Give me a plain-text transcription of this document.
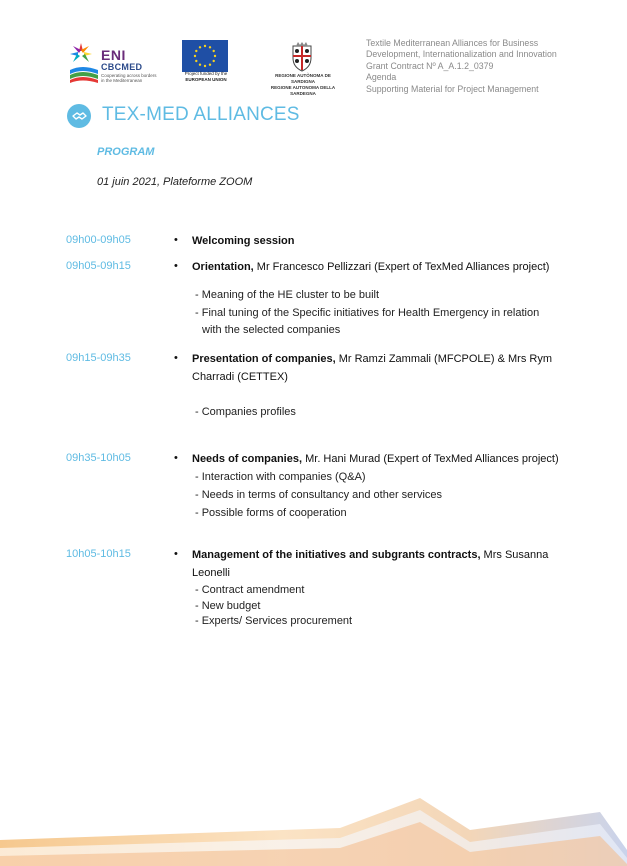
ENI
CBCMED
Cooperating across borders in the Mediterranean
Project funded by the
EUROPEAN UNION
REGIONE AUTÒNOMA DE SARDIGNA
REGIONE AUTONOMA DELLA SARDEGNA
Textile Mediterranean Alliances for Business
Development, Internationalization and Innovation
Grant Contract Nº A_A.1.2_0379
Agenda
Supporting Material for Project Management
TEX-MED ALLIANCES
PROGRAM
01 juin 2021, Plateforme ZOOM
09h00-09h05	• Welcoming session
09h05-09h15	• Orientation, Mr Francesco Pellizzari (Expert of TexMed Alliances project)
- Meaning of the HE cluster to be built
- Final tuning of the Specific initiatives for Health Emergency in relation
with the selected companies
09h15-09h35	• Presentation of companies, Mr Ramzi Zammali (MFCPOLE) & Mrs Rym
Charradi (CETTEX)
- Companies profiles
09h35-10h05	• Needs of companies, Mr. Hani Murad (Expert of TexMed Alliances project)
- Interaction with companies (Q&A)
- Needs in terms of consultancy and other services
- Possible forms of cooperation
10h05-10h15	• Management of the initiatives and subgrants contracts, Mrs Susanna
Leonelli
- Contract amendment
- New budget
- Experts/ Services procurement
